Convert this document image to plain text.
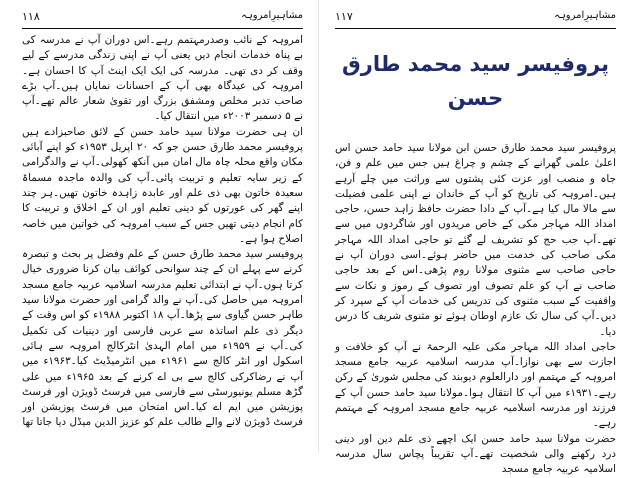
۱۱۸	مشاہیرِامروہہ

امروہہ کے نائب وصدرمہتمم رہے۔اس دوران آپ نے مدرسہ کی بے پناہ خدمات انجام دیں یعنی آپ نے اپنی زندگی مدرسے کے لیے وقف کر دی تھی۔ مدرسہ کی ایک ایک اینٹ آپ کا احسان ہے۔امروہہ کی عیدگاہ بھی آپ کے احسانات نمایاں ہیں۔آپ بڑے صاحب تدبر مخلص ومشفق بزرگ اور تقویٰ شعار عالم تھے۔آپ نے ۵ دسمبر ۲۰۰۳ء میں انتقال کیا۔

ان ہی حضرت مولانا سید حامد حسن کے لائق صاحبزادے ہیں پروفیسر محمد طارق حسن جو کہ ۲۰ اپریل ۱۹۵۳ء کو اپنے آبائی مکان واقع محلہ چاہ مال امان میں آنکھ کھولی۔آپ نے والدگرامی کے زیر سایہ تعلیم و تربیت پائی۔آپ کی والدہ ماجدہ مسماۃ سعیدہ خاتون بھی ذی علم اور عابدہ زاہدہ خاتون تھیں۔ہر چند اپنے گھر کی عورتوں کو دینی تعلیم اور ان کے اخلاق و تربیت کا کام انجام دیتی تھیں جس کے سبب امروہہ کی خواتین میں خاصہ اصلاح ہوا ہے۔

پروفیسر سید محمد طارق حسن کے علم وفضل پر بحث و تبصرہ کرنے سے پہلے ان کے چند سوانحی کوائف بیان کرنا ضروری خیال کرتا ہوں۔آپ نے ابتدائی تعلیم مدرسہ اسلامیہ عربیہ جامع مسجد امروہہ میں حاصل کی۔آپ نے والد گرامی اور حضرت مولانا سید طاہر حسن گیاوی سے پڑھا۔آپ ۱۸ اکتوبر ۱۹۸۸ء کو اس وقت کے دیگر ذی علم اساتذہ سے عربی فارسی اور دینیات کی تکمیل کی۔آپ نے ۱۹۵۹ء میں امام الہدیٰ انٹرکالج امروہہ سے ہائی اسکول اور انٹر کالج سے ۱۹۶۱ء میں انٹرمیڈیٹ کیا۔۱۹۶۳ء میں آپ نے رضاکرکی کالج سے بی اے کرنے کے بعد ۱۹۶۵ء میں علی گڑھ مسلم یونیورسٹی سے فارسی میں فرسٹ ڈویژن اور فرسٹ پوزیشن میں ایم اے کیا۔اس امتحان میں فرسٹ پوزیشن اور فرسٹ ڈویژن لانے والے طالب علم کو عزیز الدین میڈل دیا جاتا تھا

۱۱۷	مشاہیرِامروہہ
پروفیسر سید محمد طارق حسن

پروفیسر سید محمد طارق حسن ابن مولانا سید حامد حسن اس اعلیٰ علمی گھرانے کے چشم و چراغ ہیں جس میں علم و فن، جاہ و منصب اور عزت کئی پشتوں سے وراثت میں چلے آرہے ہیں۔امروہہ کی تاریخ کو آپ کے خاندان نے اپنی علمی فضیلت سے مالا مال کیا ہے۔آپ کے دادا حضرت حافظ زاہد حسن، حاجی امداد اللہ مہاجر مکی کے خاص مریدوں اور شاگردوں میں سے تھے۔آپ جب حج کو تشریف لے گئے تو حاجی امداد اللہ مہاجر مکی صاحب کی خدمت میں حاضر ہوئے۔اسی دوران آپ نے حاجی صاحب سے مثنوی مولانا روم پڑھی۔اس کے بعد حاجی صاحب نے آپ کو علم تصوف اور تصوف کے رموز و نکات سے واقفیت کے سبب مثنوی کی تدریس کی خدمات آپ کے سپرد کر دیں۔آپ کی سال تک عازم اوطان ہوئے تو مثنوی شریف کا درس دیا۔

حاجی امداد اللہ مہاجر مکی علیہ الرحمۃ نے آپ کو خلافت و اجازت سے بھی نوازا۔آپ مدرسہ اسلامیہ عربیہ جامع مسجد امروہہ کے مہتمم اور دارالعلوم دیوبند کی مجلس شوریٰ کے رکن رہے۔۱۹۳۱ء میں آپ کا انتقال ہوا۔مولانا سید حامد حسن آپ کے فرزند اور مدرسہ اسلامیہ عربیہ جامع مسجد امروہہ کے مہتمم رہے۔

حضرت مولانا سید حامد حسن ایک اچھے ذی علم دین اور دینی درد رکھنے والی شخصیت تھے۔آپ تقریباً پچاس سال مدرسہ اسلامیہ عربیہ جامع مسجد
